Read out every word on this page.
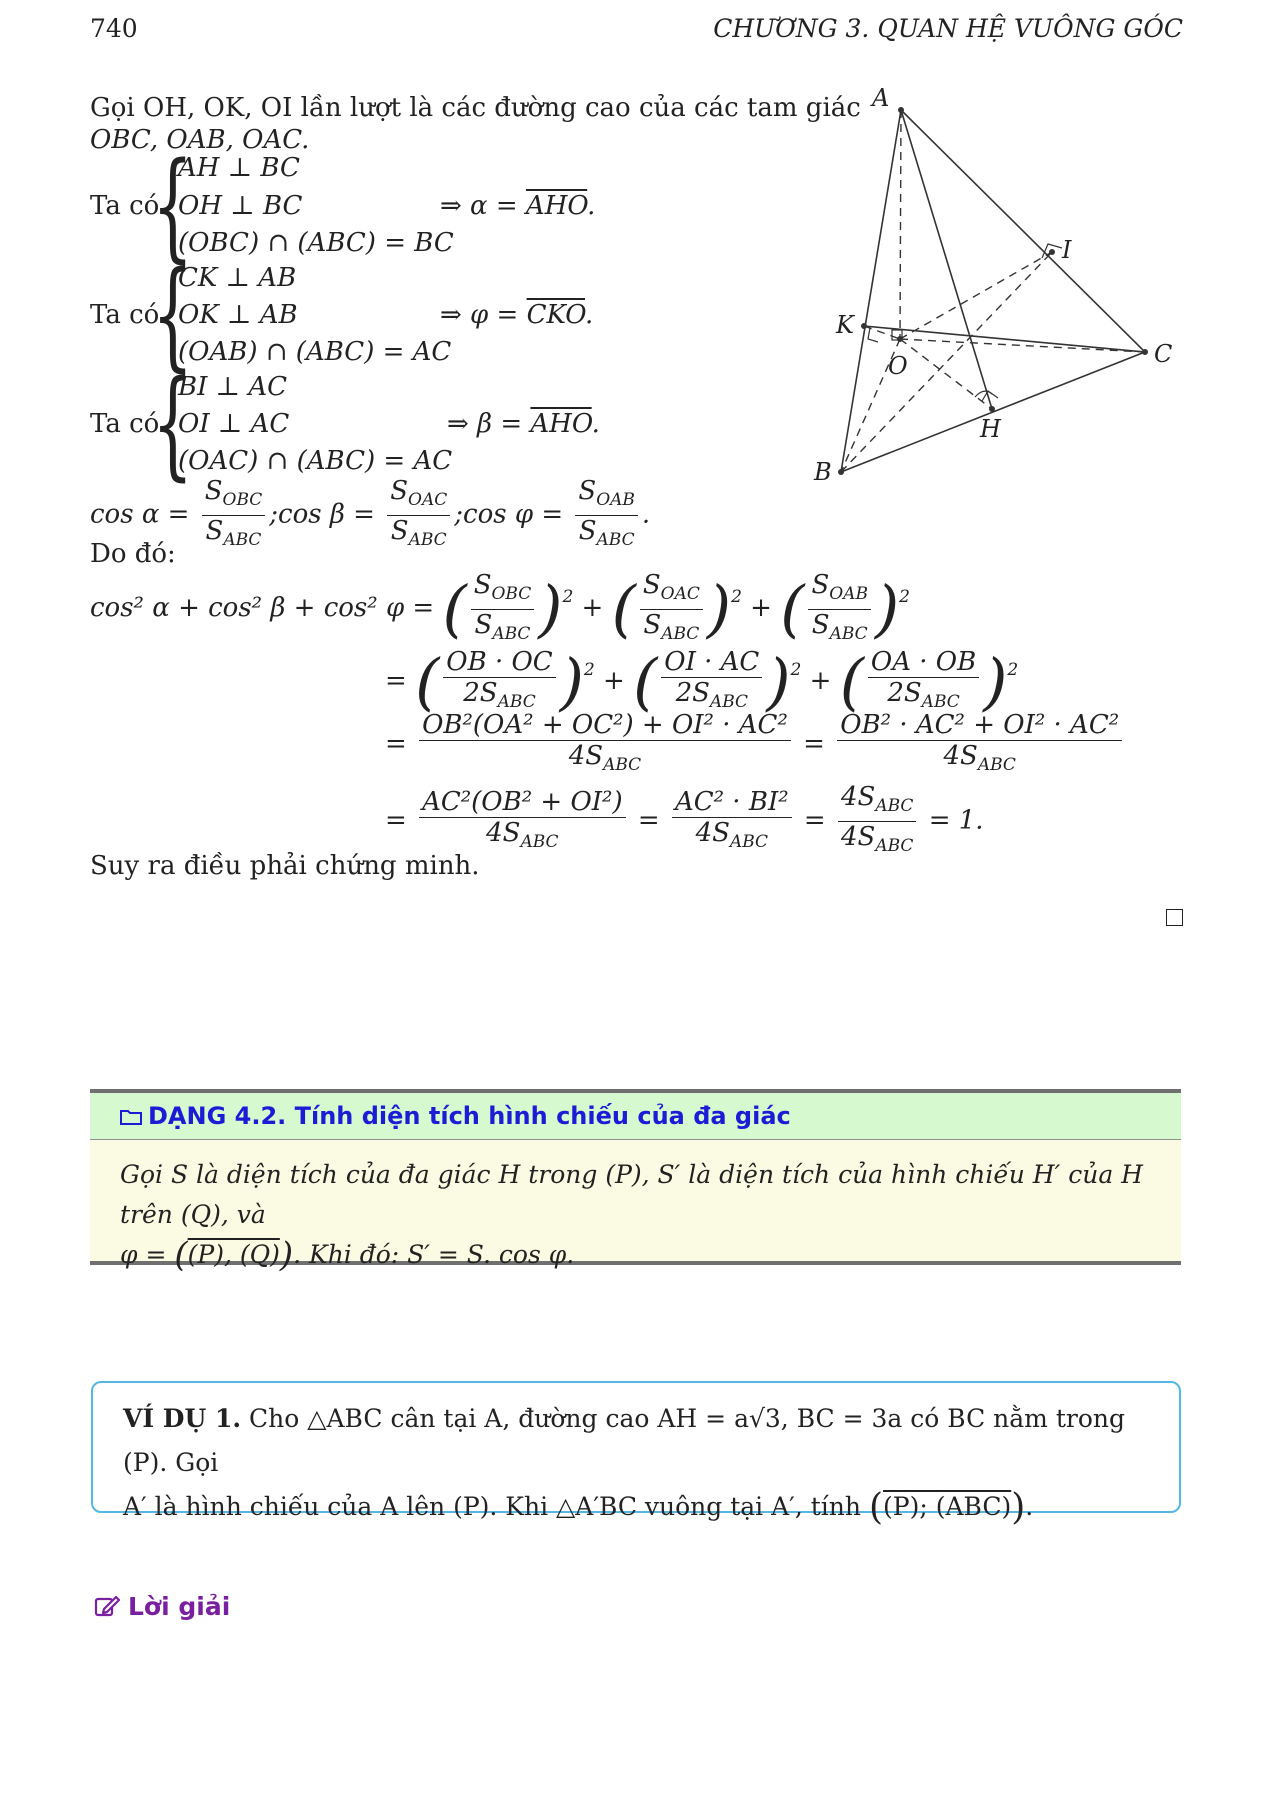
740	CHƯƠNG 3. QUAN HỆ VUÔNG GÓC
Gọi OH, OK, OI lần lượt là các đường cao của các tam giác
OBC, OAB, OAC.
Ta có
{
AH ⊥ BC
OH ⊥ BC
(OBC) ∩ (ABC) = BC
⇒ $\alpha = \overline{AHO}$.
Ta có
{
CK ⊥ AB
OK ⊥ AB
(OAB) ∩ (ABC) = AC
⇒ $\varphi = \overline{CKO}$.
Ta có
{
BI ⊥ AC
OI ⊥ AC
(OAC) ∩ (ABC) = AC
⇒ $\beta = \overline{AHO}$.
$\cos \alpha = \frac{S_{OBC}}{S_{ABC}}$ ;cos $\beta = \frac{S_{OAC}}{S_{ABC}}$ ;cos $\varphi = \frac{S_{OAB}}{S_{ABC}}$ .
Do đó:
cos² α + cos² β + cos² φ = ( $\frac{S_{OBC}}{S_{ABC}} )^2$ + ( $\frac{S_{OAC}}{S_{ABC}} )^2$ + ( $\frac{S_{OAB}}{S_{ABC}} )^2$
= ( $\frac{OB \cdot OC}{2S_{ABC}} )^2$ + ( $\frac{OI \cdot AC}{2S_{ABC}} )^2$ + ( $\frac{OA \cdot OB}{2S_{ABC}} )^2$
= $\frac{\text{OB²(OA² + OC²) + OI² · AC²}}{4S_{ABC}} = \frac{\text{OB² · AC² + OI² · AC²}}{4S_{ABC}}$
= $\frac{\text{AC²(OB² + OI²)}}{4S_{ABC}} = \frac{\text{AC² · BI²}}{4S_{ABC}} = \frac{4S_{ABC}}{4S_{ABC}} = 1$.
Suy ra điều phải chứng minh.
A
B
C
H
I
K
O
DẠNG 4.2. Tính diện tích hình chiếu của đa giác
Gọi S là diện tích của đa giác H trong (P), S′ là diện tích của hình chiếu H′ của H trên (Q), và
φ = ((P), (Q)). Khi đó: S′ = S. cos φ.
VÍ DỤ 1. Cho △ABC cân tại A, đường cao AH = a√3, BC = 3a có BC nằm trong (P). Gọi
A′ là hình chiếu của A lên (P). Khi △A′BC vuông tại A′, tính ((P); (ABC)).
Lời giải
